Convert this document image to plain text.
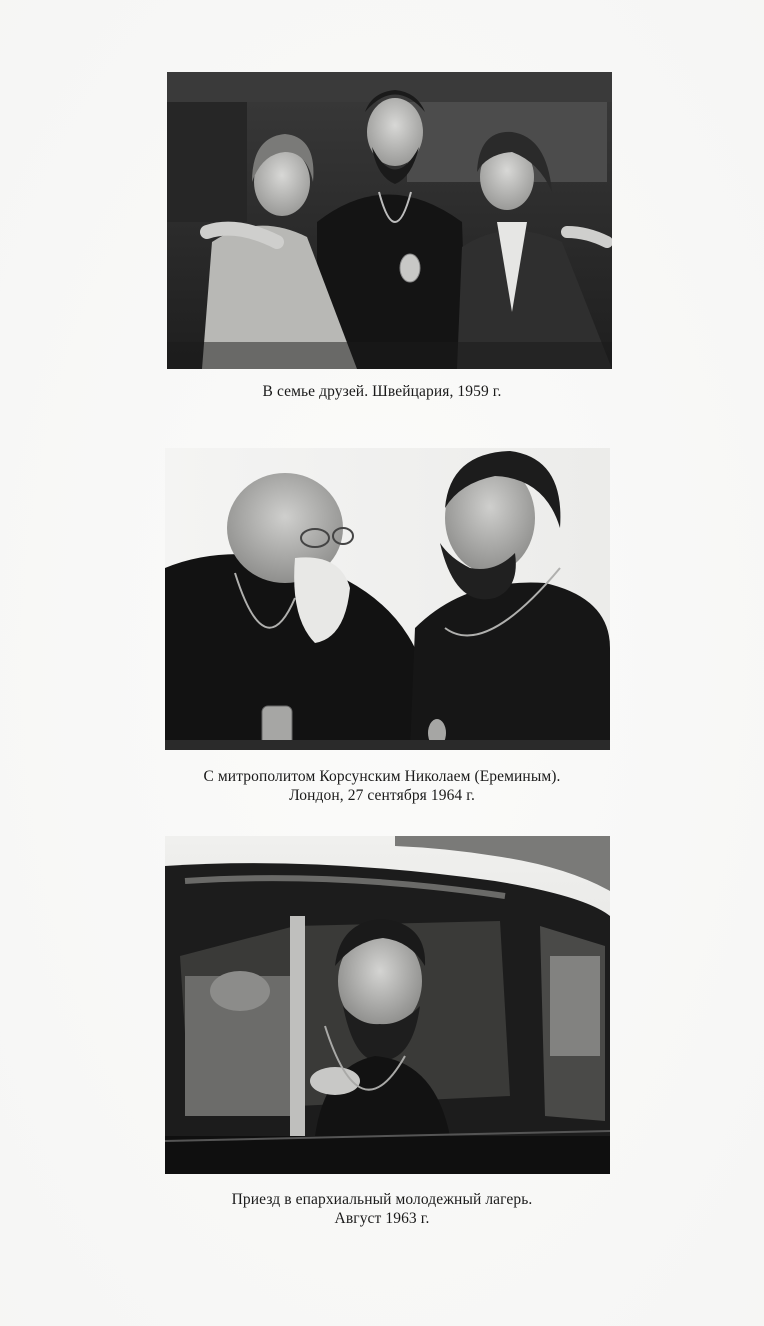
В семье друзей. Швейцария, 1959 г.
С митрополитом Корсунским Николаем (Ереминым).
Лондон, 27 сентября 1964 г.
Приезд в епархиальный молодежный лагерь.
Август 1963 г.
